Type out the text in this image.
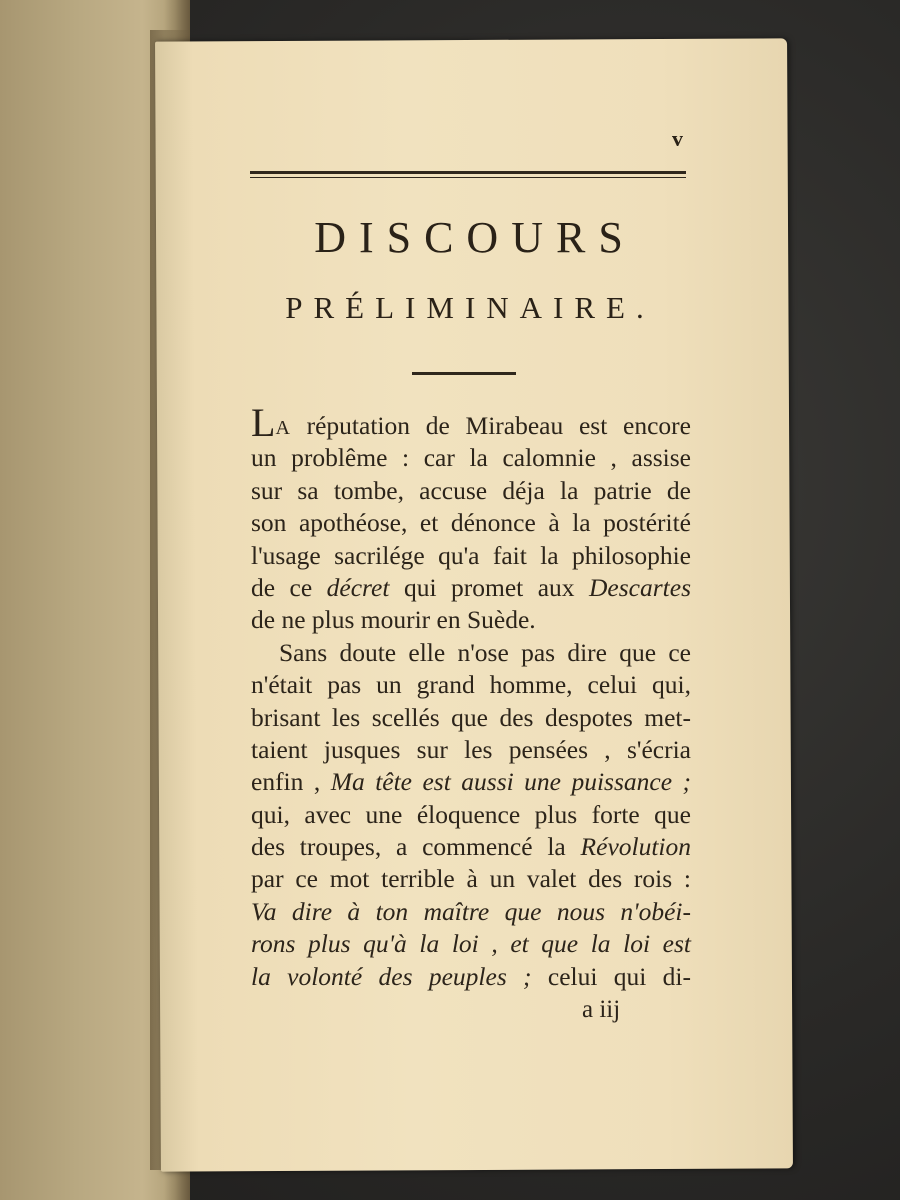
v
DISCOURS
PRÉLIMINAIRE.
LA réputation de Mirabeau est encore
un problême : car la calomnie , assise
sur sa tombe, accuse déja la patrie de
son apothéose, et dénonce à la postérité
l'usage sacrilége qu'a fait la philosophie
de ce décret qui promet aux Descartes
de ne plus mourir en Suède.
Sans doute elle n'ose pas dire que ce
n'était pas un grand homme, celui qui,
brisant les scellés que des despotes met-
taient jusques sur les pensées , s'écria
enfin , Ma tête est aussi une puissance ;
qui, avec une éloquence plus forte que
des troupes, a commencé la Révolution
par ce mot terrible à un valet des rois :
Va dire à ton maître que nous n'obéi-
rons plus qu'à la loi , et que la loi est
la volonté des peuples ; celui qui di-
a iij
